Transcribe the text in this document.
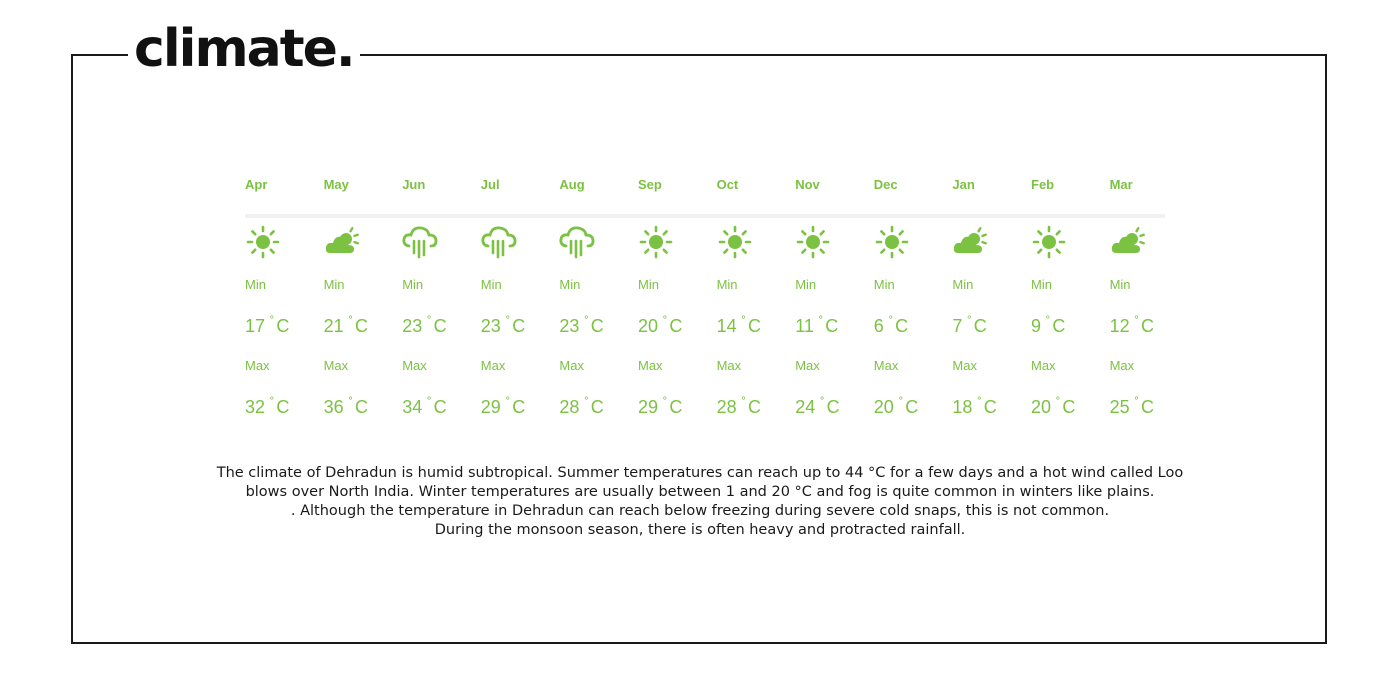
climate.
Apr
Min
17 ˚ C
Max
32 ˚ C
May
Min
21 ˚ C
Max
36 ˚ C
Jun
Min
23 ˚ C
Max
34 ˚ C
Jul
Min
23 ˚ C
Max
29 ˚ C
Aug
Min
23 ˚ C
Max
28 ˚ C
Sep
Min
20 ˚ C
Max
29 ˚ C
Oct
Min
14 ˚ C
Max
28 ˚ C
Nov
Min
11 ˚ C
Max
24 ˚ C
Dec
Min
6 ˚ C
Max
20 ˚ C
Jan
Min
7 ˚ C
Max
18 ˚ C
Feb
Min
9 ˚ C
Max
20 ˚ C
Mar
Min
12 ˚ C
Max
25 ˚ C
The climate of Dehradun is humid subtropical. Summer temperatures can reach up to 44 °C for a few days and a hot wind called Loo
blows over North India. Winter temperatures are usually between 1 and 20 °C and fog is quite common in winters like plains.
. Although the temperature in Dehradun can reach below freezing during severe cold snaps, this is not common.
During the monsoon season, there is often heavy and protracted rainfall.
